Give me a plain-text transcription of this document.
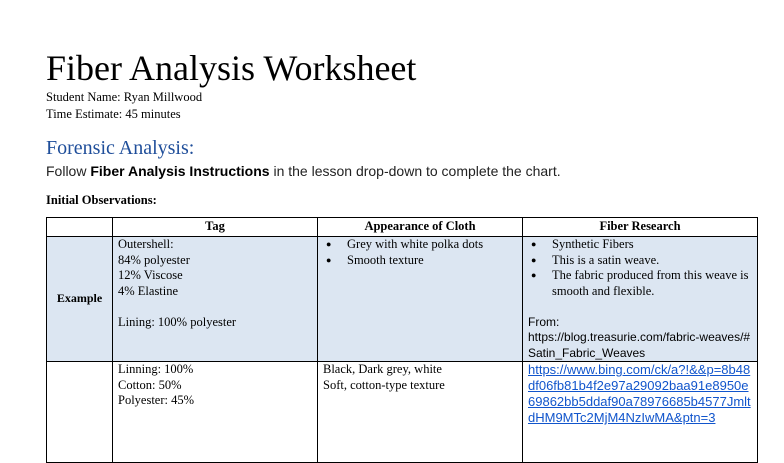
Fiber Analysis Worksheet
Student Name: Ryan Millwood
Time Estimate: 45 minutes
Forensic Analysis:
Follow Fiber Analysis Instructions in the lesson drop-down to complete the chart.
Initial Observations:
	Tag	Appearance of Cloth	Fiber Research
Example	Outershell:
84% polyester
12% Viscose
4% Elastine
Lining: 100% polyester	● Grey with white polka dots
● Smooth texture	● Synthetic Fibers
● This is a satin weave.
● The fabric produced from this weave is smooth and flexible.
From:
https://blog.treasurie.com/fabric-weaves/#Satin_Fabric_Weaves

	Linning: 100%
Cotton: 50%
Polyester: 45%	Black, Dark grey, white
Soft, cotton-type texture	https://www.bing.com/ck/a?!&&p=8b48df06fb81b4f2e97a29092baa91e8950e69862bb5ddaf90a78976685b4577JmltdHM9MTc2MjM4NzIwMA&ptn=3
